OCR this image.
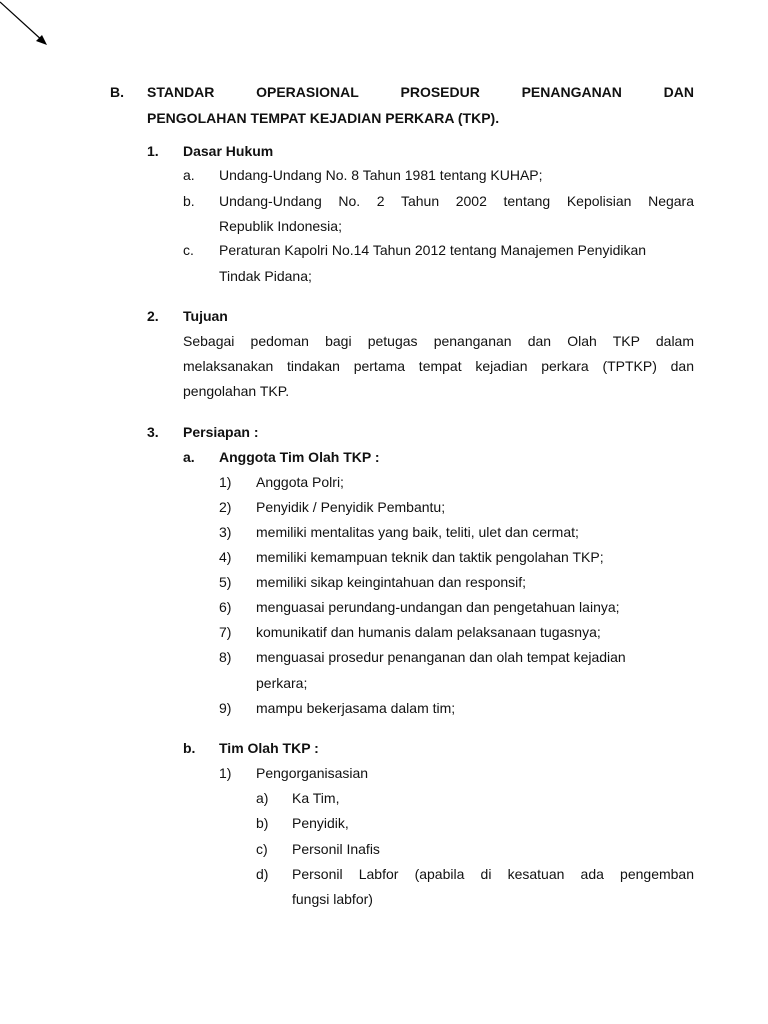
B. STANDAR	OPERASIONAL	PROSEDUR	PENANGANAN	DAN
PENGOLAHAN TEMPAT KEJADIAN PERKARA (TKP).
1. Dasar Hukum
a. Undang-Undang No. 8 Tahun 1981 tentang KUHAP;
b. Undang-Undang No. 2 Tahun 2002 tentang Kepolisian Negara
Republik Indonesia;
c. Peraturan Kapolri No.14 Tahun 2012 tentang Manajemen Penyidikan
Tindak Pidana;
2. Tujuan
Sebagai pedoman bagi petugas penanganan dan Olah TKP dalam
melaksanakan tindakan pertama tempat kejadian perkara (TPTKP) dan
pengolahan TKP.
3. Persiapan :
a. Anggota Tim Olah TKP :
1) Anggota Polri;
2) Penyidik / Penyidik Pembantu;
3) memiliki mentalitas yang baik, teliti, ulet dan cermat;
4) memiliki kemampuan teknik dan taktik pengolahan TKP;
5) memiliki sikap keingintahuan dan responsif;
6) menguasai perundang-undangan dan pengetahuan lainya;
7) komunikatif dan humanis dalam pelaksanaan tugasnya;
8) menguasai prosedur penanganan dan olah tempat kejadian
perkara;
9) mampu bekerjasama dalam tim;
b. Tim Olah TKP :
1) Pengorganisasian
a) Ka Tim,
b) Penyidik,
c) Personil Inafis
d) Personil Labfor (apabila di kesatuan ada pengemban
fungsi labfor)
